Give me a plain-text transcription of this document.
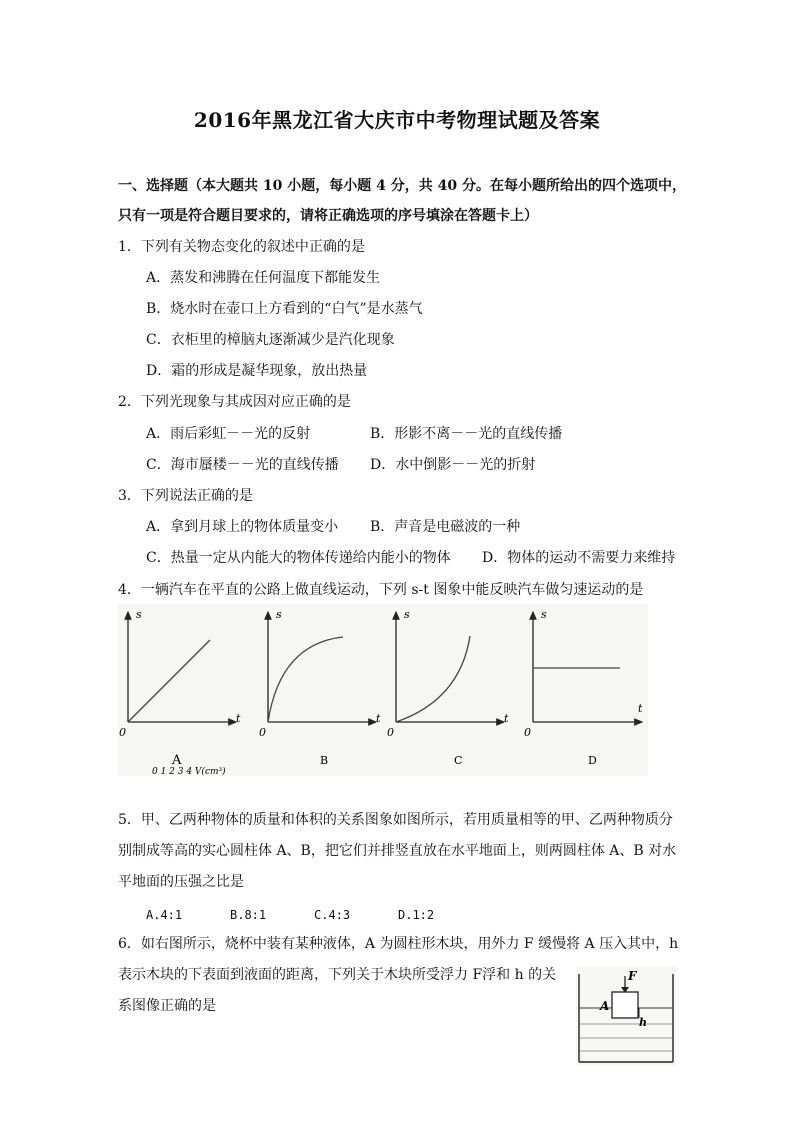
2016年黑龙江省大庆市中考物理试题及答案
一、选择题（本大题共 10 小题，每小题 4 分，共 40 分。在每小题所给出的四个选项中，
只有一项是符合题目要求的，请将正确选项的序号填涂在答题卡上）
1．下列有关物态变化的叙述中正确的是
A．蒸发和沸腾在任何温度下都能发生
B．烧水时在壶口上方看到的“白气”是水蒸气
C．衣柜里的樟脑丸逐渐减少是汽化现象
D．霜的形成是凝华现象，放出热量
2．下列光现象与其成因对应正确的是
A．雨后彩虹－－光的反射	B．形影不离－－光的直线传播
C．海市蜃楼－－光的直线传播 D．水中倒影－－光的折射
3．下列说法正确的是
A．拿到月球上的物体质量变小 B．声音是电磁波的一种
C．热量一定从内能大的物体传递给内能小的物体 D．物体的运动不需要力来维持
4．一辆汽车在平直的公路上做直线运动，下列 s-t 图象中能反映汽车做匀速运动的是
s
t
0
A
0 1 2 3 4 V(cm³)
s
t
0
B
s
t
0
C
s
t
0
D
5．甲、乙两种物体的质量和体积的关系图象如图所示，若用质量相等的甲、乙两种物质分
别制成等高的实心圆柱体 A、B，把它们并排竖直放在水平地面上，则两圆柱体 A、B 对水
平地面的压强之比是
A.4:1	B.8:1	C.4:3	D.1:2
6．如右图所示，烧杯中装有某种液体，A 为圆柱形木块，用外力 F 缓慢将 A 压入其中，h
表示木块的下表面到液面的距离，下列关于木块所受浮力 F浮和 h 的关
系图像正确的是
F
A
h
